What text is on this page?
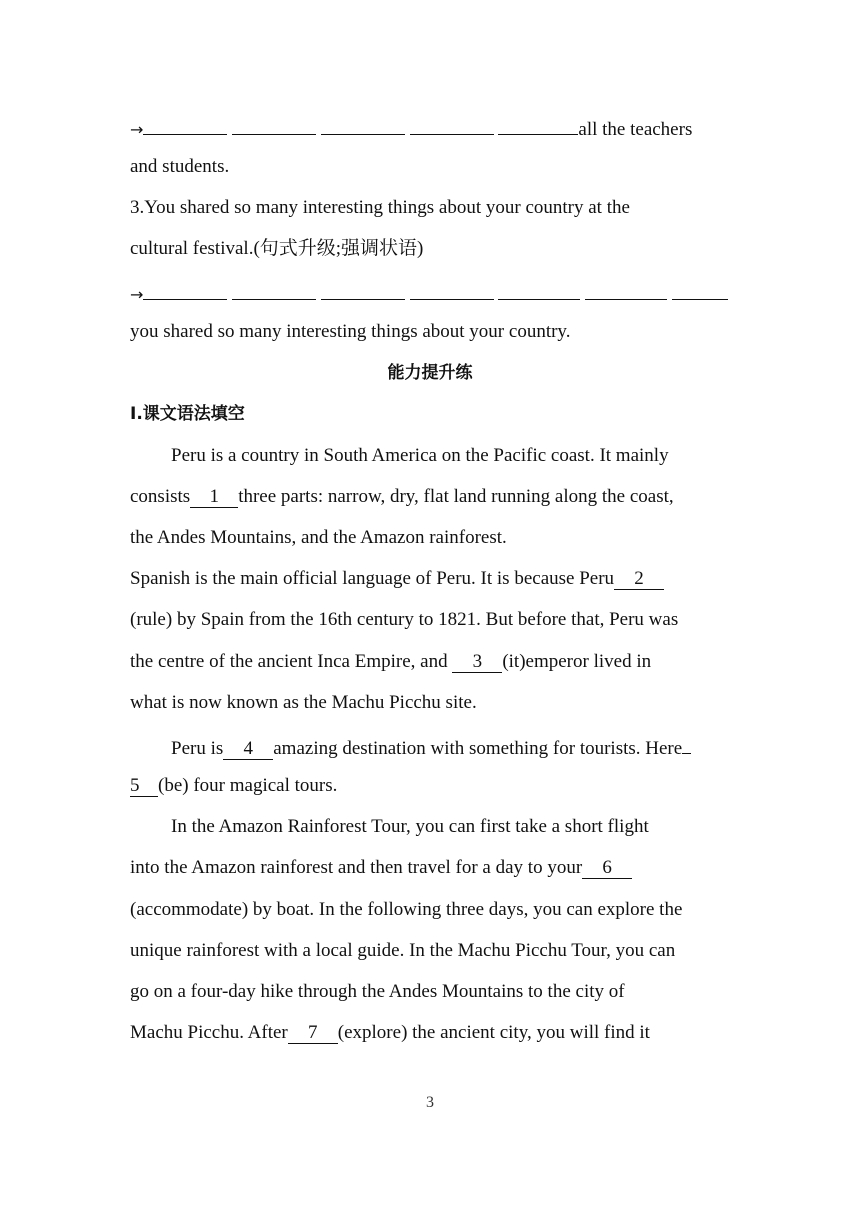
→	all the teachers
and students.
3.You shared so many interesting things about your country at the
cultural festival.(句式升级;强调状语)
→
you shared so many interesting things about your country.
能力提升练
Ⅰ.课文语法填空
Peru is a country in South America on the Pacific coast. It mainly
consists 1 three parts: narrow, dry, flat land running along the coast,
the Andes Mountains, and the Amazon rainforest.
Spanish is the main official language of Peru. It is because Peru 2
(rule) by Spain from the 16th century to 1821. But before that, Peru was
the centre of the ancient Inca Empire, and 3 (it)emperor lived in
what is now known as the Machu Picchu site.
Peru is 4 amazing destination with something for tourists. Here
5 (be) four magical tours.
In the Amazon Rainforest Tour, you can first take a short flight
into the Amazon rainforest and then travel for a day to your 6
(accommodate) by boat. In the following three days, you can explore the
unique rainforest with a local guide. In the Machu Picchu Tour, you can
go on a four-day hike through the Andes Mountains to the city of
Machu Picchu. After 7 (explore) the ancient city, you will find it
3
